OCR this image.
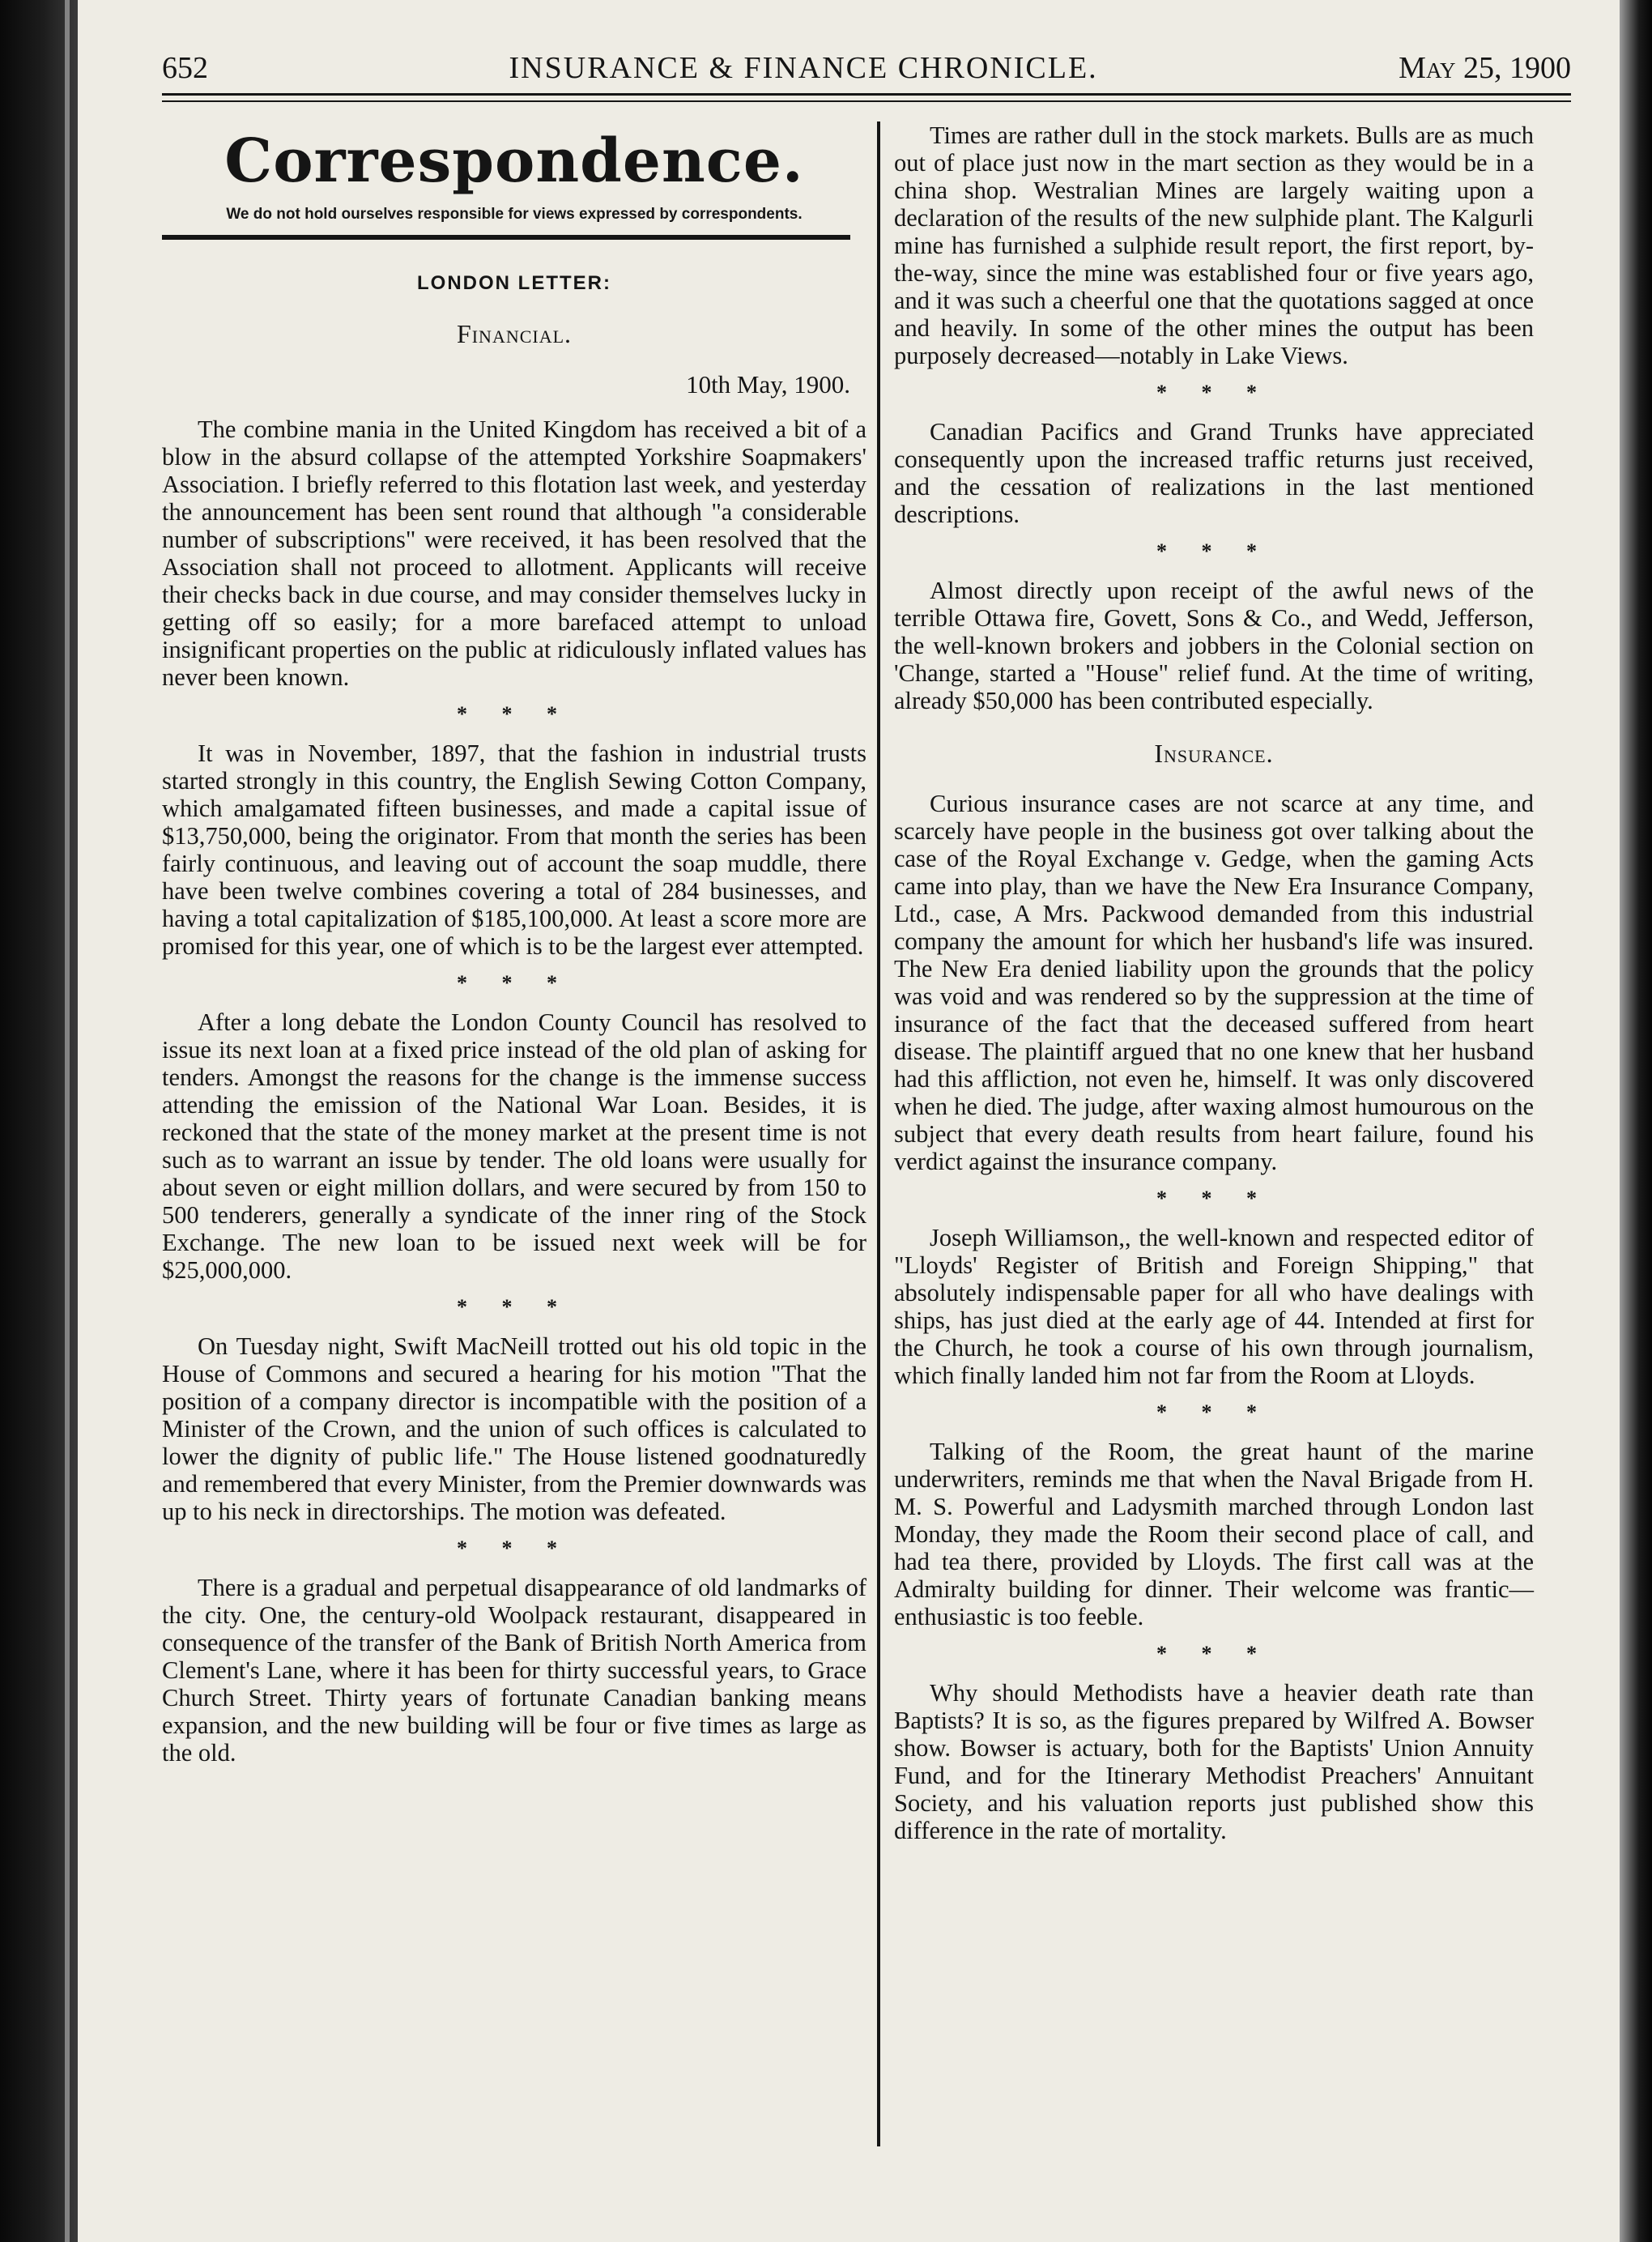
652	INSURANCE & FINANCE CHRONICLE.	May 25, 1900
Correspondence.
We do not hold ourselves responsible for views expressed by correspondents.
LONDON LETTER:
Financial.
10th May, 1900.

The combine mania in the United Kingdom has received a bit of a blow in the absurd collapse of the attempted Yorkshire Soapmakers' Association. I briefly referred to this flotation last week, and yesterday the announcement has been sent round that although "a considerable number of subscriptions" were received, it has been resolved that the Association shall not proceed to allotment. Applicants will receive their checks back in due course, and may consider themselves lucky in getting off so easily; for a more barefaced attempt to unload insignificant properties on the public at ridiculously inflated values has never been known.

* * *

It was in November, 1897, that the fashion in industrial trusts started strongly in this country, the English Sewing Cotton Company, which amalgamated fifteen businesses, and made a capital issue of $13,750,000, being the originator. From that month the series has been fairly continuous, and leaving out of account the soap muddle, there have been twelve combines covering a total of 284 businesses, and having a total capitalization of $185,100,000. At least a score more are promised for this year, one of which is to be the largest ever attempted.

* * *

After a long debate the London County Council has resolved to issue its next loan at a fixed price instead of the old plan of asking for tenders. Amongst the reasons for the change is the immense success attending the emission of the National War Loan. Besides, it is reckoned that the state of the money market at the present time is not such as to warrant an issue by tender. The old loans were usually for about seven or eight million dollars, and were secured by from 150 to 500 tenderers, generally a syndicate of the inner ring of the Stock Exchange. The new loan to be issued next week will be for $25,000,000.

* * *

On Tuesday night, Swift MacNeill trotted out his old topic in the House of Commons and secured a hearing for his motion "That the position of a company director is incompatible with the position of a Minister of the Crown, and the union of such offices is calculated to lower the dignity of public life." The House listened goodnaturedly and remembered that every Minister, from the Premier downwards was up to his neck in directorships. The motion was defeated.

* * *

There is a gradual and perpetual disappearance of old landmarks of the city. One, the century-old Woolpack restaurant, disappeared in consequence of the transfer of the Bank of British North America from Clement's Lane, where it has been for thirty successful years, to Grace Church Street. Thirty years of fortunate Canadian banking means expansion, and the new building will be four or five times as large as the old.

Times are rather dull in the stock markets. Bulls are as much out of place just now in the mart section as they would be in a china shop. Westralian Mines are largely waiting upon a declaration of the results of the new sulphide plant. The Kalgurli mine has furnished a sulphide result report, the first report, by-the-way, since the mine was established four or five years ago, and it was such a cheerful one that the quotations sagged at once and heavily. In some of the other mines the output has been purposely decreased—notably in Lake Views.

* * *

Canadian Pacifics and Grand Trunks have appreciated consequently upon the increased traffic returns just received, and the cessation of realizations in the last mentioned descriptions.

* * *

Almost directly upon receipt of the awful news of the terrible Ottawa fire, Govett, Sons & Co., and Wedd, Jefferson, the well-known brokers and jobbers in the Colonial section on 'Change, started a "House" relief fund. At the time of writing, already $50,000 has been contributed especially.

Insurance.

Curious insurance cases are not scarce at any time, and scarcely have people in the business got over talking about the case of the Royal Exchange v. Gedge, when the gaming Acts came into play, than we have the New Era Insurance Company, Ltd., case, A Mrs. Packwood demanded from this industrial company the amount for which her husband's life was insured. The New Era denied liability upon the grounds that the policy was void and was rendered so by the suppression at the time of insurance of the fact that the deceased suffered from heart disease. The plaintiff argued that no one knew that her husband had this affliction, not even he, himself. It was only discovered when he died. The judge, after waxing almost humourous on the subject that every death results from heart failure, found his verdict against the insurance company.

* * *

Joseph Williamson,, the well-known and respected editor of "Lloyds' Register of British and Foreign Shipping," that absolutely indispensable paper for all who have dealings with ships, has just died at the early age of 44. Intended at first for the Church, he took a course of his own through journalism, which finally landed him not far from the Room at Lloyds.

* * *

Talking of the Room, the great haunt of the marine underwriters, reminds me that when the Naval Brigade from H. M. S. Powerful and Ladysmith marched through London last Monday, they made the Room their second place of call, and had tea there, provided by Lloyds. The first call was at the Admiralty building for dinner. Their welcome was frantic—enthusiastic is too feeble.

* * *

Why should Methodists have a heavier death rate than Baptists? It is so, as the figures prepared by Wilfred A. Bowser show. Bowser is actuary, both for the Baptists' Union Annuity Fund, and for the Itinerary Methodist Preachers' Annuitant Society, and his valuation reports just published show this difference in the rate of mortality.
